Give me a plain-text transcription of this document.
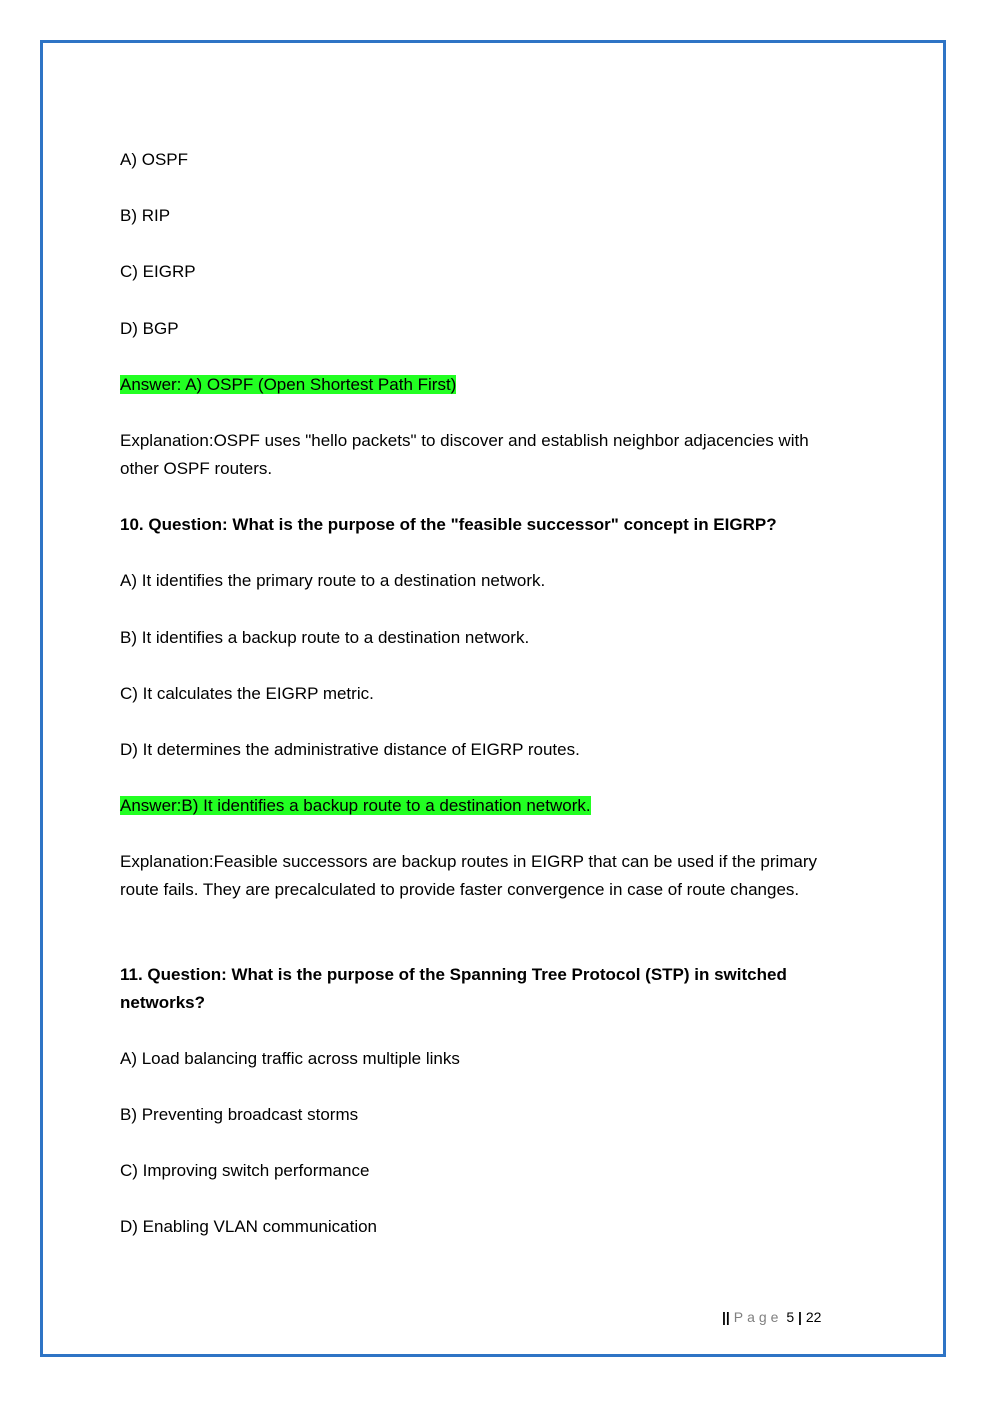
A) OSPF

B) RIP

C) EIGRP

D) BGP

Answer: A) OSPF (Open Shortest Path First)

Explanation:OSPF uses "hello packets" to discover and establish neighbor adjacencies with

other OSPF routers.

10. Question: What is the purpose of the "feasible successor" concept in EIGRP?

A) It identifies the primary route to a destination network.

B) It identifies a backup route to a destination network.

C) It calculates the EIGRP metric.

D) It determines the administrative distance of EIGRP routes.

Answer:B) It identifies a backup route to a destination network.

Explanation:Feasible successors are backup routes in EIGRP that can be used if the primary

route fails. They are precalculated to provide faster convergence in case of route changes.

11. Question: What is the purpose of the Spanning Tree Protocol (STP) in switched

networks?

A) Load balancing traffic across multiple links

B) Preventing broadcast storms

C) Improving switch performance

D) Enabling VLAN communication

|| Page 5 | 22
